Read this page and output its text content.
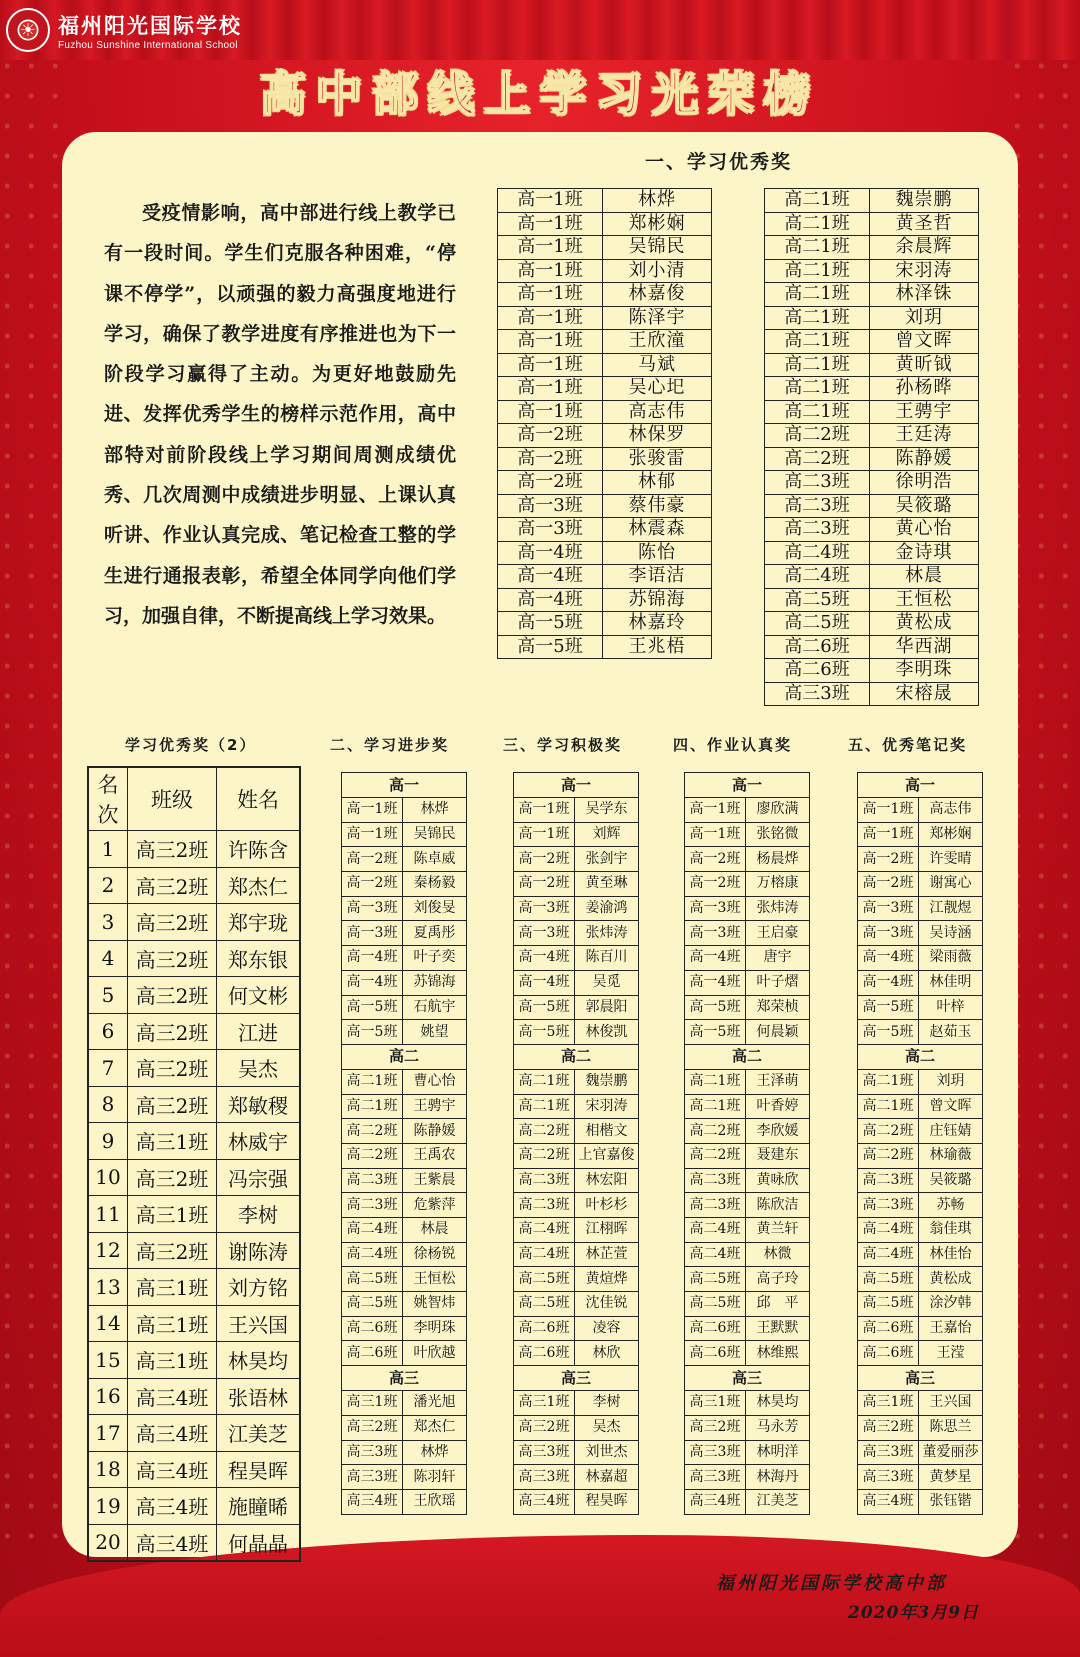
☀	福州阳光国际学校
Fuzhou Sunshine International School
高中部线上学习光荣榜
受疫情影响，高中部进行线上教学已有一段时间。学生们克服各种困难，“停课不停学”，以顽强的毅力高强度地进行学习，确保了教学进度有序推进也为下一阶段学习赢得了主动。为更好地鼓励先进、发挥优秀学生的榜样示范作用，高中部特对前阶段线上学习期间周测成绩优秀、几次周测中成绩进步明显、上课认真听讲、作业认真完成、笔记检查工整的学生进行通报表彰，希望全体同学向他们学习，加强自律，不断提高线上学习效果。
一、学习优秀奖
高一1班	林烨
高一1班	郑彬娴
高一1班	吴锦民
高一1班	刘小清
高一1班	林嘉俊
高一1班	陈泽宇
高一1班	王欣潼
高一1班	马斌
高一1班	吴心圯
高一1班	高志伟
高一2班	林保罗
高一2班	张骏雷
高一2班	林郁
高一3班	蔡伟豪
高一3班	林震森
高一4班	陈怡
高一4班	李语洁
高一4班	苏锦海
高一5班	林嘉玲
高一5班	王兆梧
高二1班	魏崇鹏
高二1班	黄圣哲
高二1班	余晨辉
高二1班	宋羽涛
高二1班	林泽铢
高二1班	刘玥
高二1班	曾文晖
高二1班	黄昕钺
高二1班	孙杨晔
高二1班	王骋宇
高二2班	王廷涛
高二2班	陈静媛
高二3班	徐明浩
高二3班	吴筱璐
高二3班	黄心怡
高二4班	金诗琪
高二4班	林晨
高二5班	王恒松
高二5班	黄松成
高二6班	华西湖
高二6班	李明珠
高三3班	宋榕晟
学习优秀奖（2）
名次	班级	姓名
1	高三2班	许陈含
2	高三2班	郑杰仁
3	高三2班	郑宇珑
4	高三2班	郑东银
5	高三2班	何文彬
6	高三2班	江进
7	高三2班	吴杰
8	高三2班	郑敏稷
9	高三1班	林威宇
10	高三2班	冯宗强
11	高三1班	李树
12	高三2班	谢陈涛
13	高三1班	刘方铭
14	高三1班	王兴国
15	高三1班	林昊均
16	高三4班	张语林
17	高三4班	江美芝
18	高三4班	程昊晖
19	高三4班	施瞳晞
20	高三4班	何晶晶
二、学习进步奖	三、学习积极奖	四、作业认真奖	五、优秀笔记奖
高一	
高一1班	林烨
高一1班	吴锦民
高一2班	陈卓威
高一2班	秦杨毅
高一3班	刘俊旻
高一3班	夏禹彤
高一4班	叶子奕
高一4班	苏锦海
高一5班	石航宇
高一5班	姚望
高二	
高二1班	曹心怡
高二1班	王骋宇
高二2班	陈静媛
高二2班	王禹农
高二3班	王紫晨
高二3班	危紫萍
高二4班	林晨
高二4班	徐杨锐
高二5班	王恒松
高二5班	姚智炜
高二6班	李明珠
高二6班	叶欣越
高三	
高三1班	潘光旭
高三2班	郑杰仁
高三3班	林烨
高三3班	陈羽轩
高三4班	王欣瑶
高一	
高一1班	吴学东
高一1班	刘辉
高一2班	张剑宇
高一2班	黄至琳
高一3班	姜渝鸿
高一3班	张炜涛
高一4班	陈百川
高一4班	吴觅
高一5班	郭晨阳
高一5班	林俊凯
高二	
高二1班	魏崇鹏
高二1班	宋羽涛
高二2班	相楷文
高二2班	上官嘉俊
高二3班	林宏阳
高二3班	叶杉杉
高二4班	江栩晖
高二4班	林芷萱
高二5班	黄煊烨
高二5班	沈佳锐
高二6班	凌容
高二6班	林欣
高三	
高三1班	李树
高三2班	吴杰
高三3班	刘世杰
高三3班	林嘉超
高三4班	程昊晖
高一	
高一1班	廖欣满
高一1班	张铭微
高一2班	杨晨烨
高一2班	万榕康
高一3班	张炜涛
高一3班	王启豪
高一4班	唐宇
高一4班	叶子熠
高一5班	郑荣桢
高一5班	何晨颖
高二	
高二1班	王泽萌
高二1班	叶香婷
高二2班	李欣媛
高二2班	聂建东
高二3班	黄咏欣
高二3班	陈欣洁
高二4班	黄兰轩
高二4班	林微
高二5班	高子玲
高二5班	邱　平
高二6班	王默默
高二6班	林维熙
高三	
高三1班	林昊均
高三2班	马永芳
高三3班	林明洋
高三3班	林海丹
高三4班	江美芝
高一	
高一1班	高志伟
高一1班	郑彬娴
高一2班	许雯晴
高一2班	谢寓心
高一3班	江靓煜
高一3班	吴诗涵
高一4班	梁雨薇
高一4班	林佳明
高一5班	叶梓
高一5班	赵茹玉
高二	
高二1班	刘玥
高二1班	曾文晖
高二2班	庄钰婧
高二2班	林瑜薇
高二3班	吴筱璐
高二3班	苏畅
高二4班	翁佳琪
高二4班	林佳怡
高二5班	黄松成
高二5班	涂汐韩
高二6班	王嘉怡
高二6班	王滢
高三	
高三1班	王兴国
高三2班	陈思兰
高三3班	董爱丽莎
高三3班	黄梦星
高三4班	张钰锴
福州阳光国际学校高中部
2020年3月9日
